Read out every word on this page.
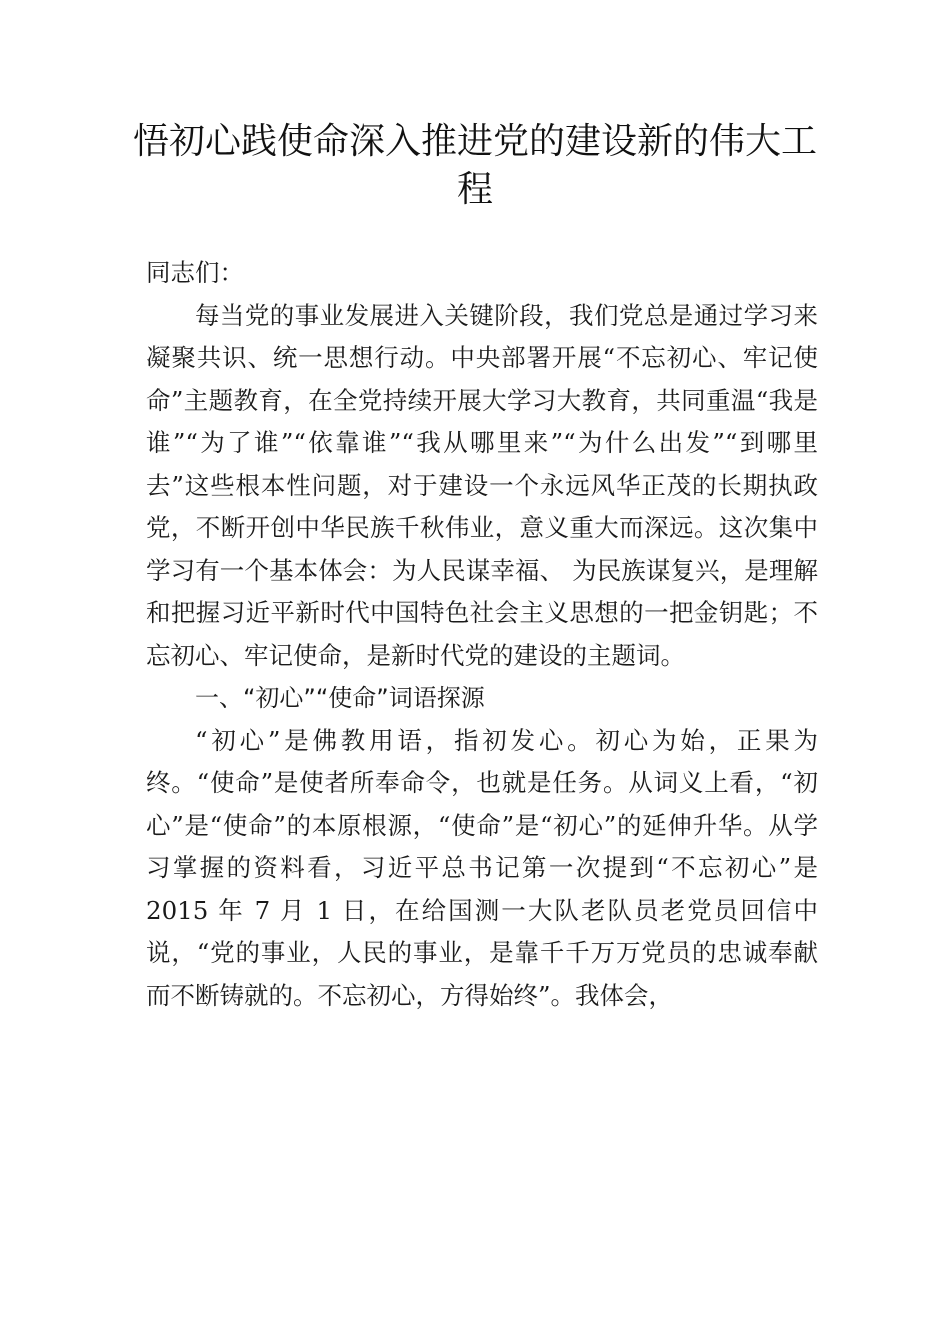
悟初心践使命深入推进党的建设新的伟大工程

同志们：

每当党的事业发展进入关键阶段，我们党总是通过学习来凝聚共识、统一思想行动。中央部署开展“不忘初心、牢记使命”主题教育，在全党持续开展大学习大教育，共同重温“我是谁”“为了谁”“依靠谁”“我从哪里来”“为什么出发”“到哪里去”这些根本性问题，对于建设一个永远风华正茂的长期执政党，不断开创中华民族千秋伟业，意义重大而深远。这次集中学习有一个基本体会：为人民谋幸福、 为民族谋复兴，是理解和把握习近平新时代中国特色社会主义思想的一把金钥匙；不忘初心、牢记使命，是新时代党的建设的主题词。

一、“初心”“使命”词语探源

“初心”是佛教用语，指初发心。初心为始，正果为终。“使命”是使者所奉命令，也就是任务。从词义上看，“初心”是“使命”的本原根源，“使命”是“初心”的延伸升华。从学习掌握的资料看，习近平总书记第一次提到“不忘初心”是 2015 年 7 月 1 日，在给国测一大队老队员老党员回信中说，“党的事业，人民的事业，是靠千千万万党员的忠诚奉献而不断铸就的。不忘初心，方得始终”。我体会，
